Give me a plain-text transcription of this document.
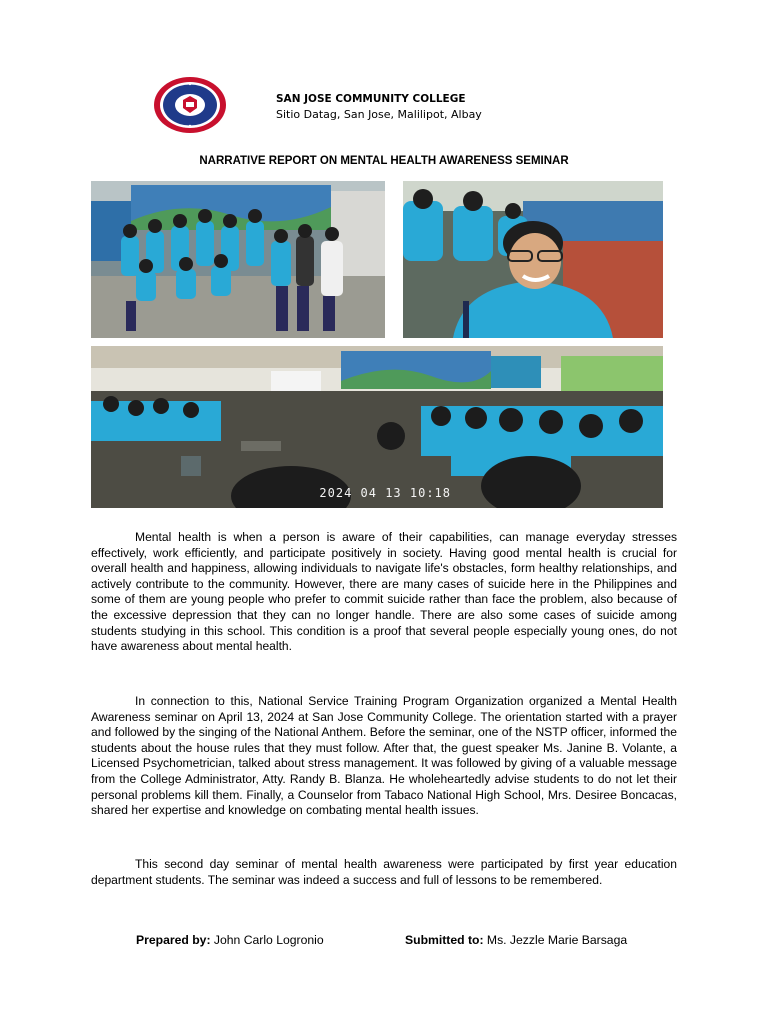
SAN JOSE COMMUNITY COLLEGE
Sitio Datag, San Jose, Malilipot, Albay
NARRATIVE REPORT ON MENTAL HEALTH AWARENESS SEMINAR
2024 04 13 10:18

Mental health is when a person is aware of their capabilities, can manage everyday stresses effectively, work efficiently, and participate positively in society. Having good mental health is crucial for overall health and happiness, allowing individuals to navigate life's obstacles, form healthy relationships, and actively contribute to the community. However, there are many cases of suicide here in the Philippines and some of them are young people who prefer to commit suicide rather than face the problem, also because of the excessive depression that they can no longer handle. There are also some cases of suicide among students studying in this school. This condition is a proof that several people especially young ones, do not have awareness about mental health.

In connection to this, National Service Training Program Organization organized a Mental Health Awareness seminar on April 13, 2024 at San Jose Community College. The orientation started with a prayer and followed by the singing of the National Anthem. Before the seminar, one of the NSTP officer, informed the students about the house rules that they must follow. After that, the guest speaker Ms. Janine B. Volante, a Licensed Psychometrician, talked about stress management. It was followed by giving of a valuable message from the College Administrator, Atty. Randy B. Blanza. He wholeheartedly advise students to do not let their personal problems kill them. Finally, a Counselor from Tabaco National High School, Mrs. Desiree Boncacas, shared her expertise and knowledge on combating mental health issues.

This second day seminar of mental health awareness were participated by first year education department students. The seminar was indeed a success and full of lessons to be remembered.

Prepared by: John Carlo Logronio	Submitted to: Ms. Jezzle Marie Barsaga
